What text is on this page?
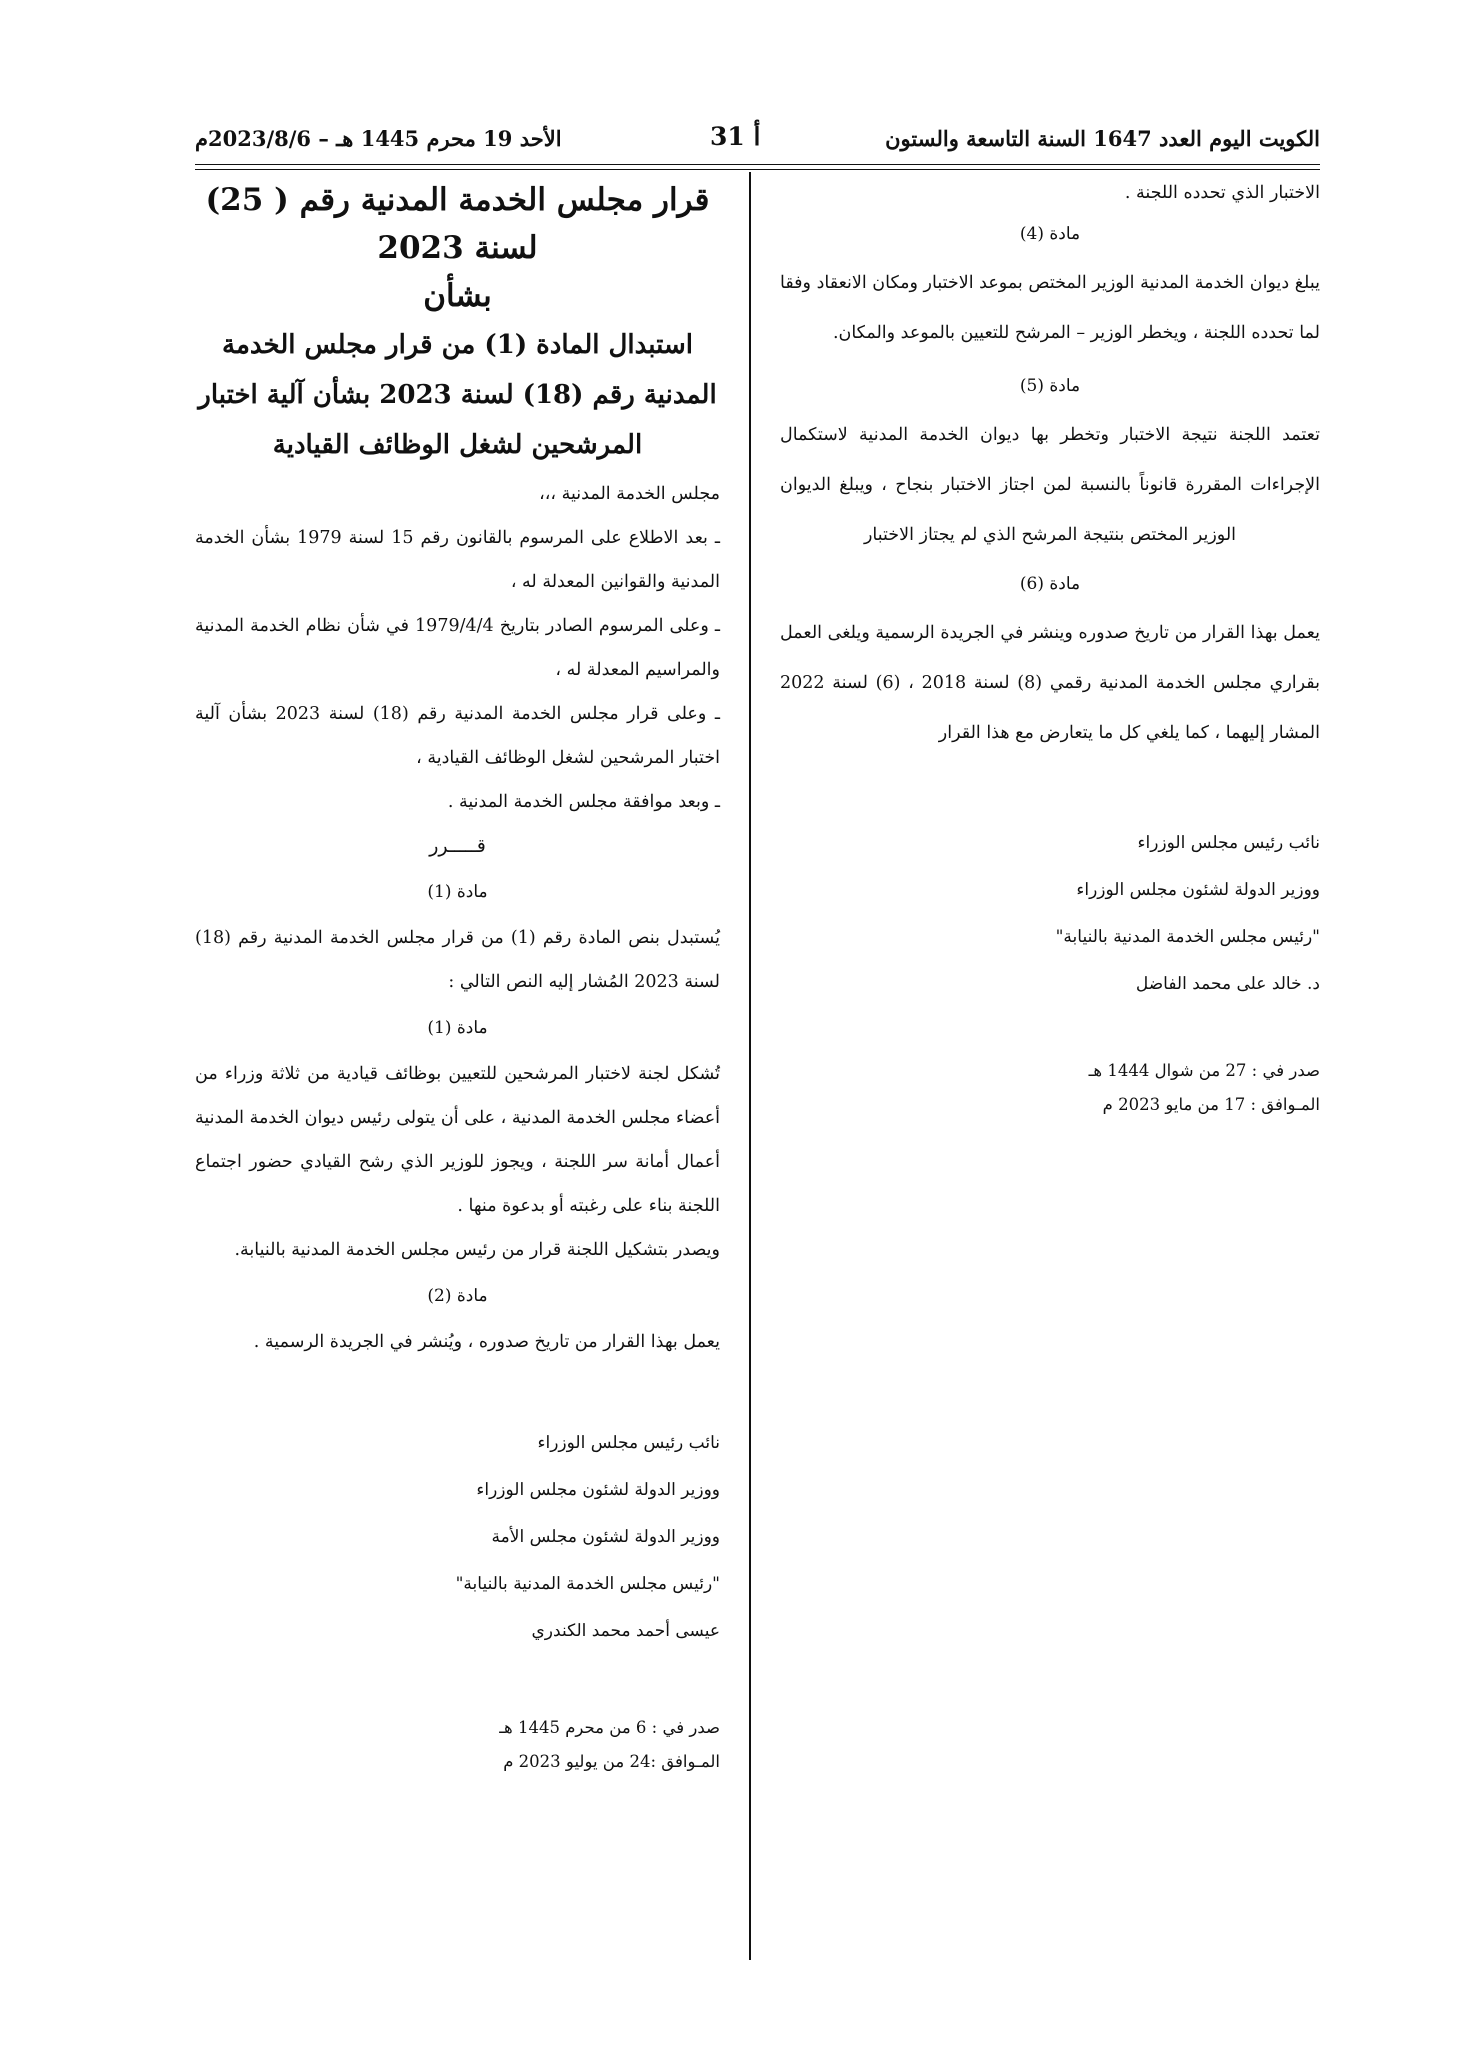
الكويت اليوم العدد 1647 السنة التاسعة والستون
أ 31
الأحد 19 محرم 1445 هـ – 2023/8/6م

الاختبار الذي تحدده اللجنة .

مادة (4)

يبلغ ديوان الخدمة المدنية الوزير المختص بموعد الاختبار ومكان الانعقاد وفقا لما تحدده اللجنة ، ويخطر الوزير – المرشح للتعيين بالموعد والمكان.

مادة (5)

تعتمد اللجنة نتيجة الاختبار وتخطر بها ديوان الخدمة المدنية لاستكمال الإجراءات المقررة قانوناً بالنسبة لمن اجتاز الاختبار بنجاح ، ويبلغ الديوان الوزير المختص بنتيجة المرشح الذي لم يجتاز الاختبار

مادة (6)

يعمل بهذا القرار من تاريخ صدوره وينشر في الجريدة الرسمية ويلغى العمل بقراري مجلس الخدمة المدنية رقمي (8) لسنة 2018 ، (6) لسنة 2022 المشار إليهما ، كما يلغي كل ما يتعارض مع هذا القرار

نائب رئيس مجلس الوزراء

ووزير الدولة لشئون مجلس الوزراء

"رئيس مجلس الخدمة المدنية بالنيابة"

د. خالد على محمد الفاضل

صدر في : 27 من شوال 1444 هـ

المـوافق : 17 من مايو 2023 م

قرار مجلس الخدمة المدنية رقم ( 25) لسنة 2023

بشأن

استبدال المادة (1) من قرار مجلس الخدمة المدنية رقم (18) لسنة 2023 بشأن آلية اختبار المرشحين لشغل الوظائف القيادية

مجلس الخدمة المدنية ،،،

ـ بعد الاطلاع على المرسوم بالقانون رقم 15 لسنة 1979 بشأن الخدمة المدنية والقوانين المعدلة له ،

ـ وعلى المرسوم الصادر بتاريخ 1979/4/4 في شأن نظام الخدمة المدنية والمراسيم المعدلة له ،

ـ وعلى قرار مجلس الخدمة المدنية رقم (18) لسنة 2023 بشأن آلية اختبار المرشحين لشغل الوظائف القيادية ،

ـ وبعد موافقة مجلس الخدمة المدنية .

قـــــرر

مادة (1)

يُستبدل بنص المادة رقم (1) من قرار مجلس الخدمة المدنية رقم (18) لسنة 2023 المُشار إليه النص التالي :

مادة (1)

تُشكل لجنة لاختبار المرشحين للتعيين بوظائف قيادية من ثلاثة وزراء من أعضاء مجلس الخدمة المدنية ، على أن يتولى رئيس ديوان الخدمة المدنية أعمال أمانة سر اللجنة ، ويجوز للوزير الذي رشح القيادي حضور اجتماع اللجنة بناء على رغبته أو بدعوة منها .

ويصدر بتشكيل اللجنة قرار من رئيس مجلس الخدمة المدنية بالنيابة.

مادة (2)

يعمل بهذا القرار من تاريخ صدوره ، ويُنشر في الجريدة الرسمية .

نائب رئيس مجلس الوزراء

ووزير الدولة لشئون مجلس الوزراء

ووزير الدولة لشئون مجلس الأمة

"رئيس مجلس الخدمة المدنية بالنيابة"

عيسى أحمد محمد الكندري

صدر في : 6 من محرم 1445 هـ

المـوافق :24 من يوليو 2023 م
